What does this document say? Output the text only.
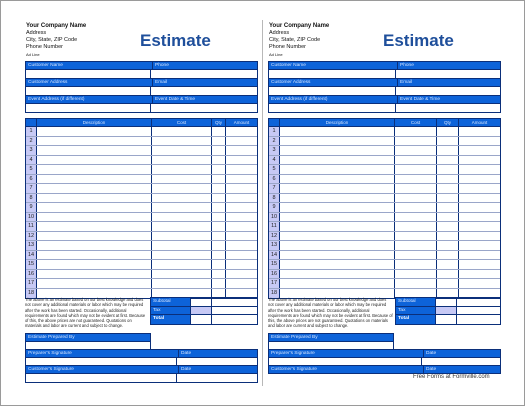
Your Company Name
Address
City, State, ZIP Code
Phone Number
Ad Line
Estimate
Customer Name	Phone
Customer Address	Email
Event Address (if different)	Event Date & Time
Description	Cost	Qty	Amount
1
2
3
4
5
6
7
8
9
10
11
12
13
14
15
16
17
18
The above is an estimate based on our best knowledge and does not cover any additional materials or labor which may be required after the work has been started. Occasionally, additional requirements are found which may not be evident at first. Because of this, the above prices are not guaranteed. Quotations on materials and labor are current and subject to change.
Subtotal
Tax
Total
Estimate Prepared By
Preparer's Signature	Date
Customer's Signature	Date
Your Company Name
Address
City, State, ZIP Code
Phone Number
Ad Line
Estimate
Customer Name	Phone
Customer Address	Email
Event Address (if different)	Event Date & Time
Description	Cost	Qty	Amount
1
2
3
4
5
6
7
8
9
10
11
12
13
14
15
16
17
18
The above is an estimate based on our best knowledge and does not cover any additional materials or labor which may be required after the work has been started. Occasionally, additional requirements are found which may not be evident at first. Because of this, the above prices are not guaranteed. Quotations on materials and labor are current and subject to change.
Subtotal
Tax
Total
Estimate Prepared By
Preparer's Signature	Date
Customer's Signature	Date
Free Forms at Formville.com
